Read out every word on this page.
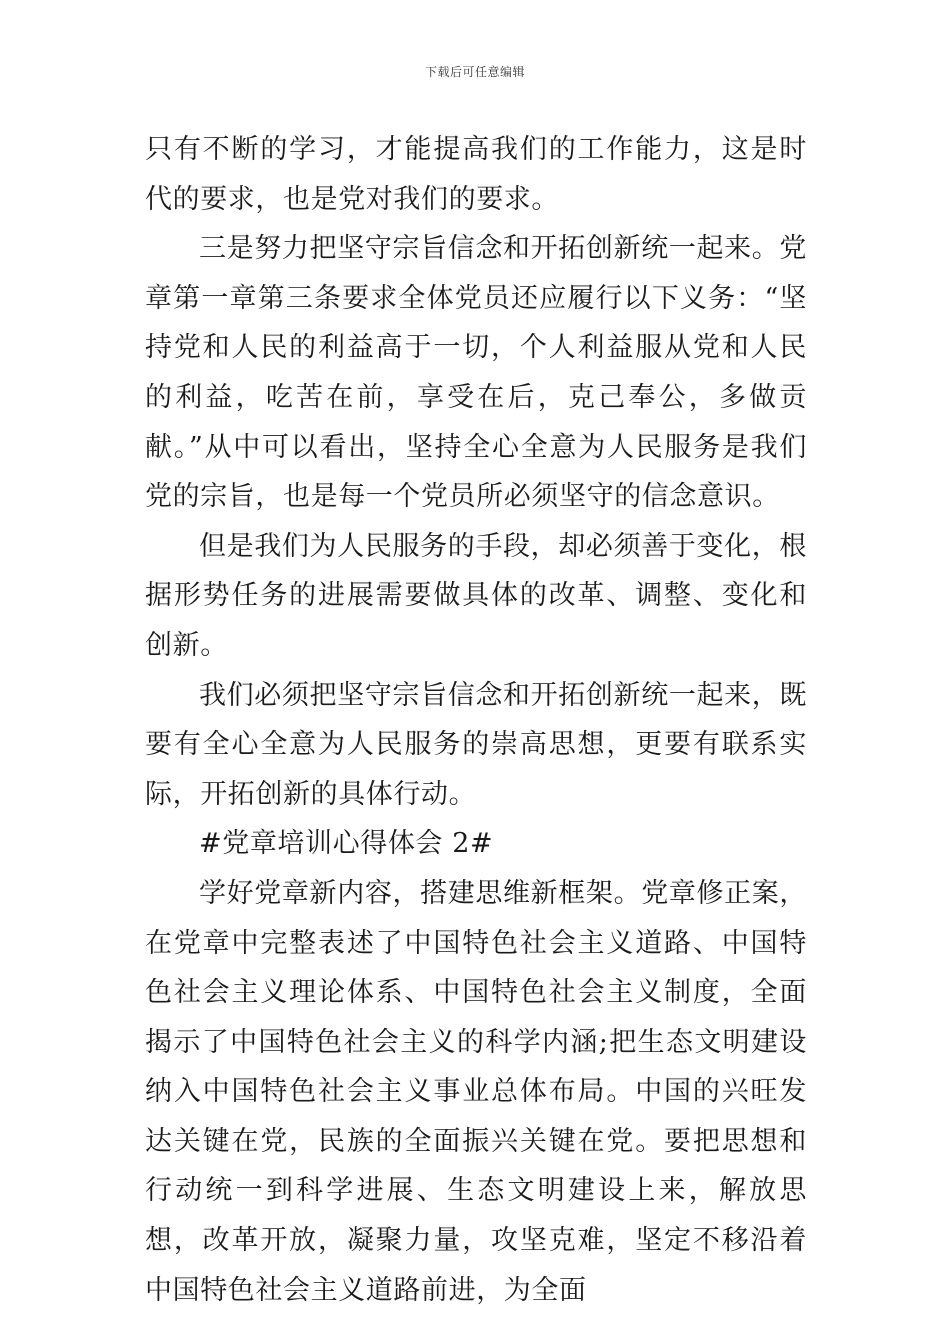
下载后可任意编辑

只有不断的学习，才能提高我们的工作能力，这是时代的要求，也是党对我们的要求。

三是努力把坚守宗旨信念和开拓创新统一起来。党章第一章第三条要求全体党员还应履行以下义务：“坚持党和人民的利益高于一切，个人利益服从党和人民的利益，吃苦在前，享受在后，克己奉公，多做贡献。”从中可以看出，坚持全心全意为人民服务是我们党的宗旨，也是每一个党员所必须坚守的信念意识。

但是我们为人民服务的手段，却必须善于变化，根据形势任务的进展需要做具体的改革、调整、变化和创新。

我们必须把坚守宗旨信念和开拓创新统一起来，既要有全心全意为人民服务的崇高思想，更要有联系实际，开拓创新的具体行动。

#党章培训心得体会 2#

学好党章新内容，搭建思维新框架。党章修正案，在党章中完整表述了中国特色社会主义道路、中国特色社会主义理论体系、中国特色社会主义制度，全面揭示了中国特色社会主义的科学内涵;把生态文明建设纳入中国特色社会主义事业总体布局。中国的兴旺发达关键在党，民族的全面振兴关键在党。要把思想和行动统一到科学进展、生态文明建设上来，解放思想，改革开放，凝聚力量，攻坚克难，坚定不移沿着中国特色社会主义道路前进，为全面
